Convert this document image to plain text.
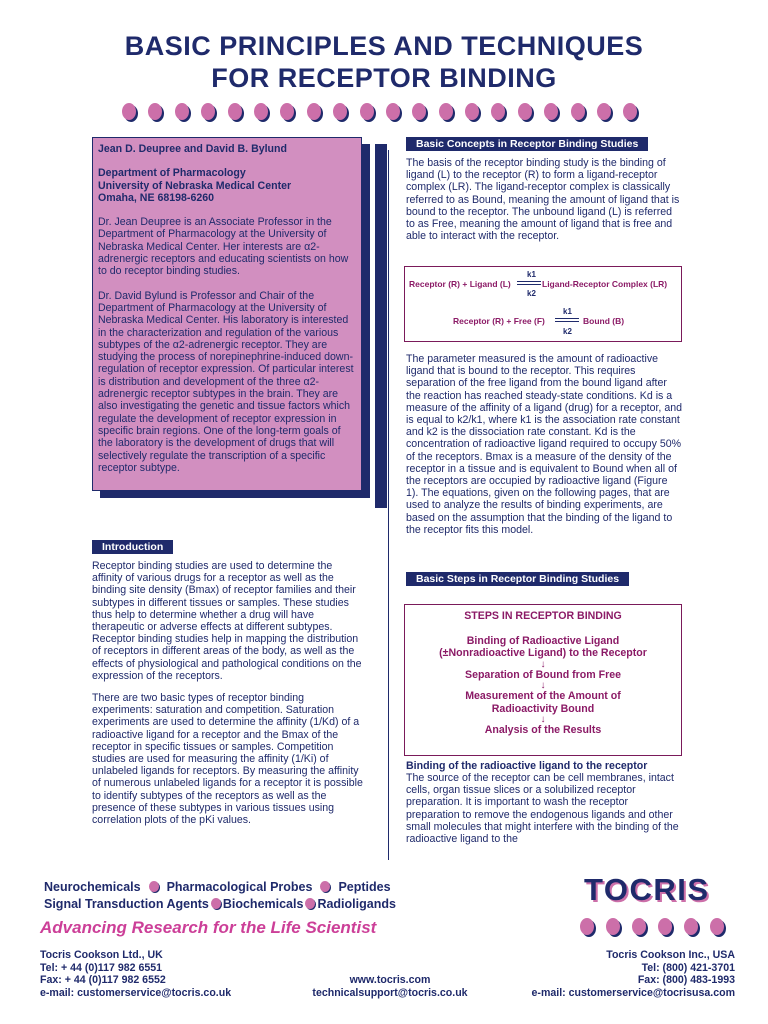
BASIC PRINCIPLES AND TECHNIQUES
FOR RECEPTOR BINDING

Jean D. Deupree and David B. Bylund

Department of Pharmacology
University of Nebraska Medical Center
Omaha, NE 68198-6260

Dr. Jean Deupree is an Associate Professor in the Department of Pharmacology at the University of Nebraska Medical Center. Her interests are α2-adrenergic receptors and educating scientists on how to do receptor binding studies.

Dr. David Bylund is Professor and Chair of the Department of Pharmacology at the University of Nebraska Medical Center. His laboratory is interested in the characterization and regulation of the various subtypes of the α2-adrenergic receptor. They are studying the process of norepinephrine-induced down-regulation of receptor expression. Of particular interest is distribution and development of the three α2-adrenergic receptor subtypes in the brain. They are also investigating the genetic and tissue factors which regulate the development of receptor expression in specific brain regions. One of the long-term goals of the laboratory is the development of drugs that will selectively regulate the transcription of a specific receptor subtype.

Introduction

Receptor binding studies are used to determine the affinity of various drugs for a receptor as well as the binding site density (Bmax) of receptor families and their subtypes in different tissues or samples. These studies thus help to determine whether a drug will have therapeutic or adverse effects at different subtypes. Receptor binding studies help in mapping the distribution of receptors in different areas of the body, as well as the effects of physiological and pathological conditions on the expression of the receptors.

There are two basic types of receptor binding experiments: saturation and competition. Saturation experiments are used to determine the affinity (1/Kd) of a radioactive ligand for a receptor and the Bmax of the receptor in specific tissues or samples. Competition studies are used for measuring the affinity (1/Ki) of unlabeled ligands for receptors. By measuring the affinity of numerous unlabeled ligands for a receptor it is possible to identify subtypes of the receptors as well as the presence of these subtypes in various tissues using correlation plots of the pKi values.

Basic Concepts in Receptor Binding Studies
The basis of the receptor binding study is the binding of ligand (L) to the receptor (R) to form a ligand-receptor complex (LR). The ligand-receptor complex is classically referred to as Bound, meaning the amount of ligand that is bound to the receptor. The unbound ligand (L) is referred to as Free, meaning the amount of ligand that is free and able to interact with the receptor.
Receptor (R) + Ligand (L)
k1
k2
Ligand-Receptor Complex (LR)
Receptor (R) + Free (F)
k1
k2
Bound (B)
The parameter measured is the amount of radioactive ligand that is bound to the receptor. This requires separation of the free ligand from the bound ligand after the reaction has reached steady-state conditions. Kd is a measure of the affinity of a ligand (drug) for a receptor, and is equal to k2/k1, where k1 is the association rate constant and k2 is the dissociation rate constant. Kd is the concentration of radioactive ligand required to occupy 50% of the receptors. Bmax is a measure of the density of the receptor in a tissue and is equivalent to Bound when all of the receptors are occupied by radioactive ligand (Figure 1). The equations, given on the following pages, that are used to analyze the results of binding experiments, are based on the assumption that the binding of the ligand to the receptor fits this model.
Basic Steps in Receptor Binding Studies
STEPS IN RECEPTOR BINDING
Binding of Radioactive Ligand (±Nonradioactive Ligand) to the Receptor
↓
Separation of Bound from Free
↓
Measurement of the Amount of Radioactivity Bound
↓
Analysis of the Results
Binding of the radioactive ligand to the receptor
The source of the receptor can be cell membranes, intact cells, organ tissue slices or a solubilized receptor preparation. It is important to wash the receptor preparation to remove the endogenous ligands and other small molecules that might interfere with the binding of the radioactive ligand to the
Neurochemicals Pharmacological Probes Peptides
Signal Transduction Agents Biochemicals Radioligands
Advancing Research for the Life Scientist
TOCRIS
Tocris Cookson Ltd., UK
Tel: + 44 (0)117 982 6551
Fax: + 44 (0)117 982 6552
e-mail: customerservice@tocris.co.uk
www.tocris.com
technicalsupport@tocris.co.uk
Tocris Cookson Inc., USA
Tel: (800) 421-3701
Fax: (800) 483-1993
e-mail: customerservice@tocrisusa.com
